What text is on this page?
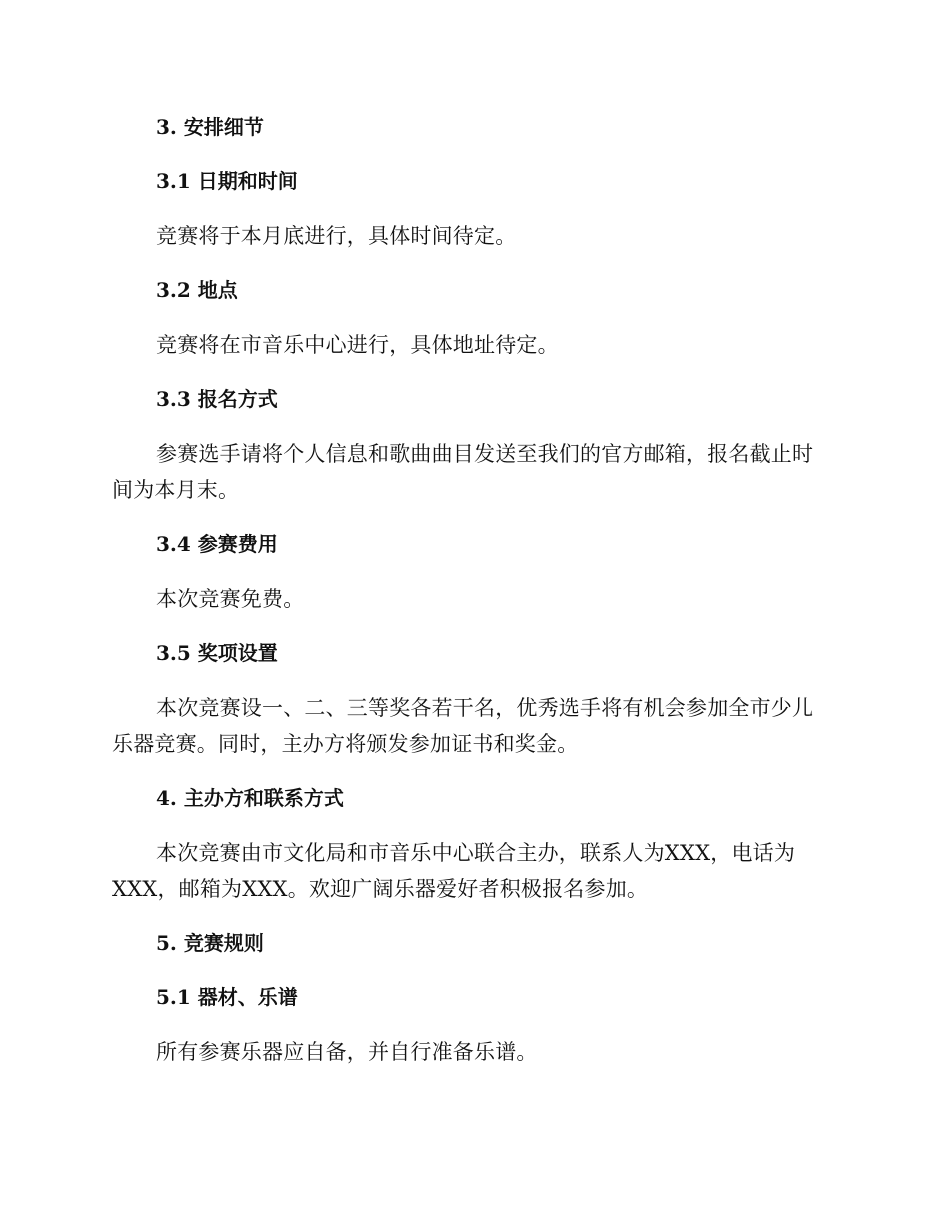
3. 安排细节
3.1 日期和时间

竞赛将于本月底进行，具体时间待定。

3.2 地点

竞赛将在市音乐中心进行，具体地址待定。

3.3 报名方式

参赛选手请将个人信息和歌曲曲目发送至我们的官方邮箱，报名截止时间为本月末。

3.4 参赛费用

本次竞赛免费。

3.5 奖项设置

本次竞赛设一、二、三等奖各若干名，优秀选手将有机会参加全市少儿乐器竞赛。同时，主办方将颁发参加证书和奖金。

4. 主办方和联系方式

本次竞赛由市文化局和市音乐中心联合主办，联系人为XXX，电话为XXX，邮箱为XXX。欢迎广阔乐器爱好者积极报名参加。

5. 竞赛规则
5.1 器材、乐谱

所有参赛乐器应自备，并自行准备乐谱。
